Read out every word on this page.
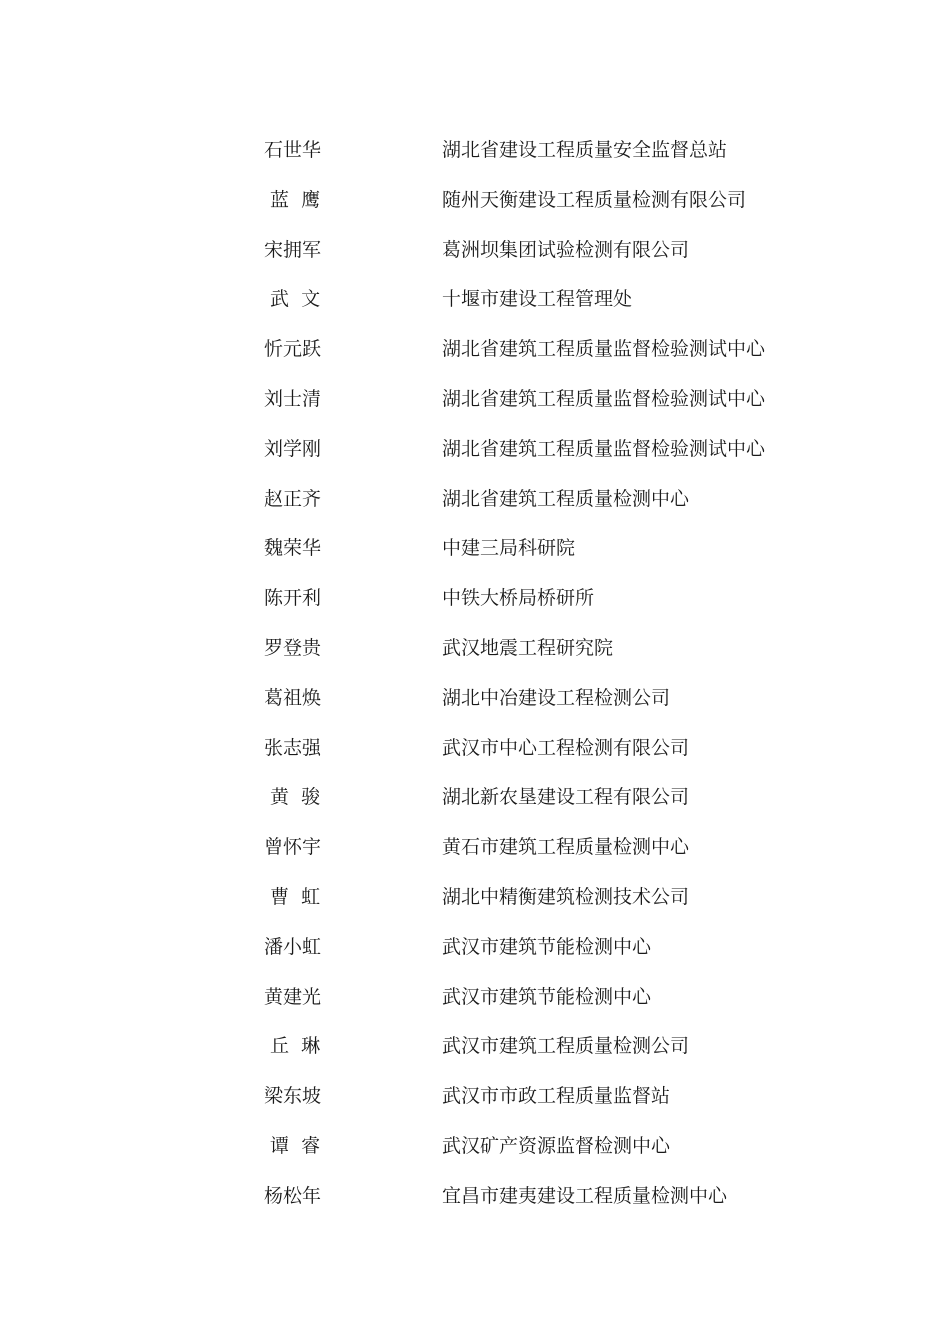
石世华	湖北省建设工程质量安全监督总站
蓝  鹰	随州天衡建设工程质量检测有限公司
宋拥军	葛洲坝集团试验检测有限公司
武  文	十堰市建设工程管理处
忻元跃	湖北省建筑工程质量监督检验测试中心
刘士清	湖北省建筑工程质量监督检验测试中心
刘学刚	湖北省建筑工程质量监督检验测试中心
赵正齐	湖北省建筑工程质量检测中心
魏荣华	中建三局科研院
陈开利	中铁大桥局桥研所
罗登贵	武汉地震工程研究院
葛祖焕	湖北中冶建设工程检测公司
张志强	武汉市中心工程检测有限公司
黄  骏	湖北新农垦建设工程有限公司
曾怀宇	黄石市建筑工程质量检测中心
曹  虹	湖北中精衡建筑检测技术公司
潘小虹	武汉市建筑节能检测中心
黄建光	武汉市建筑节能检测中心
丘  琳	武汉市建筑工程质量检测公司
梁东坡	武汉市市政工程质量监督站
谭  睿	武汉矿产资源监督检测中心
杨松年	宜昌市建夷建设工程质量检测中心
